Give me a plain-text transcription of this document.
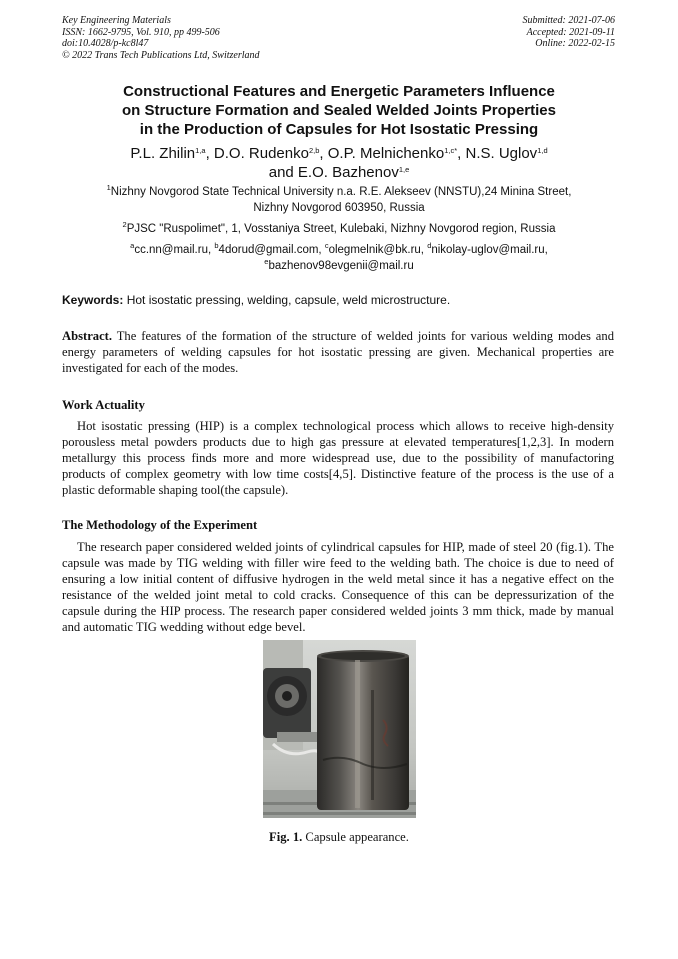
Key Engineering Materials
ISSN: 1662-9795, Vol. 910, pp 499-506
doi:10.4028/p-kc8l47
© 2022 Trans Tech Publications Ltd, Switzerland
Submitted: 2021-07-06
Accepted: 2021-09-11
Online: 2022-02-15
Constructional Features and Energetic Parameters Influence
on Structure Formation and Sealed Welded Joints Properties
in the Production of Capsules for Hot Isostatic Pressing
P.L. Zhilin$^{1,a}$, D.O. Rudenko$^{2,b}$, O.P. Melnichenko$^{1,c*}$, N.S. Uglov$^{1,d}$
and E.O. Bazhenov$^{1,e}$
$^1$Nizhny Novgorod State Technical University n.a. R.E. Alekseev (NNSTU),24 Minina Street,
Nizhny Novgorod 603950, Russia
$^2$PJSC "Ruspolimet", 1, Vosstaniya Street, Kulebaki, Nizhny Novgorod region, Russia
$^a$cc.nn@mail.ru, $^b$4dorud@gmail.com, $^c$olegmelnik@bk.ru, $^d$nikolay-uglov@mail.ru,
$^e$bazhenov98evgenii@mail.ru
Keywords: Hot isostatic pressing, welding, capsule, weld microstructure.
Abstract. The features of the formation of the structure of welded joints for various welding modes and energy parameters of welding capsules for hot isostatic pressing are given. Mechanical properties are investigated for each of the modes.
Work Actuality
Hot isostatic pressing (HIP) is a complex technological process which allows to receive high-density porousless metal powders products due to high gas pressure at elevated temperatures[1,2,3]. In modern metallurgy this process finds more and more widespread use, due to the possibility of manufactoring products of complex geometry with low time costs[4,5]. Distinctive feature of the process is the use of a plastic deformable shaping tool(the capsule).
The Methodology of the Experiment
The research paper considered welded joints of cylindrical capsules for HIP, made of steel 20 (fig.1). The capsule was made by TIG welding with filler wire feed to the welding bath. The choice is due to need of ensuring a low initial content of diffusive hydrogen in the weld metal since it has a negative effect on the resistance of the welded joint metal to cold cracks. Consequence of this can be depressurization of the capsule during the HIP process. The research paper considered welded joints 3 mm thick, made by manual and automatic TIG wedding without edge bevel.
Fig. 1. Capsule appearance.
